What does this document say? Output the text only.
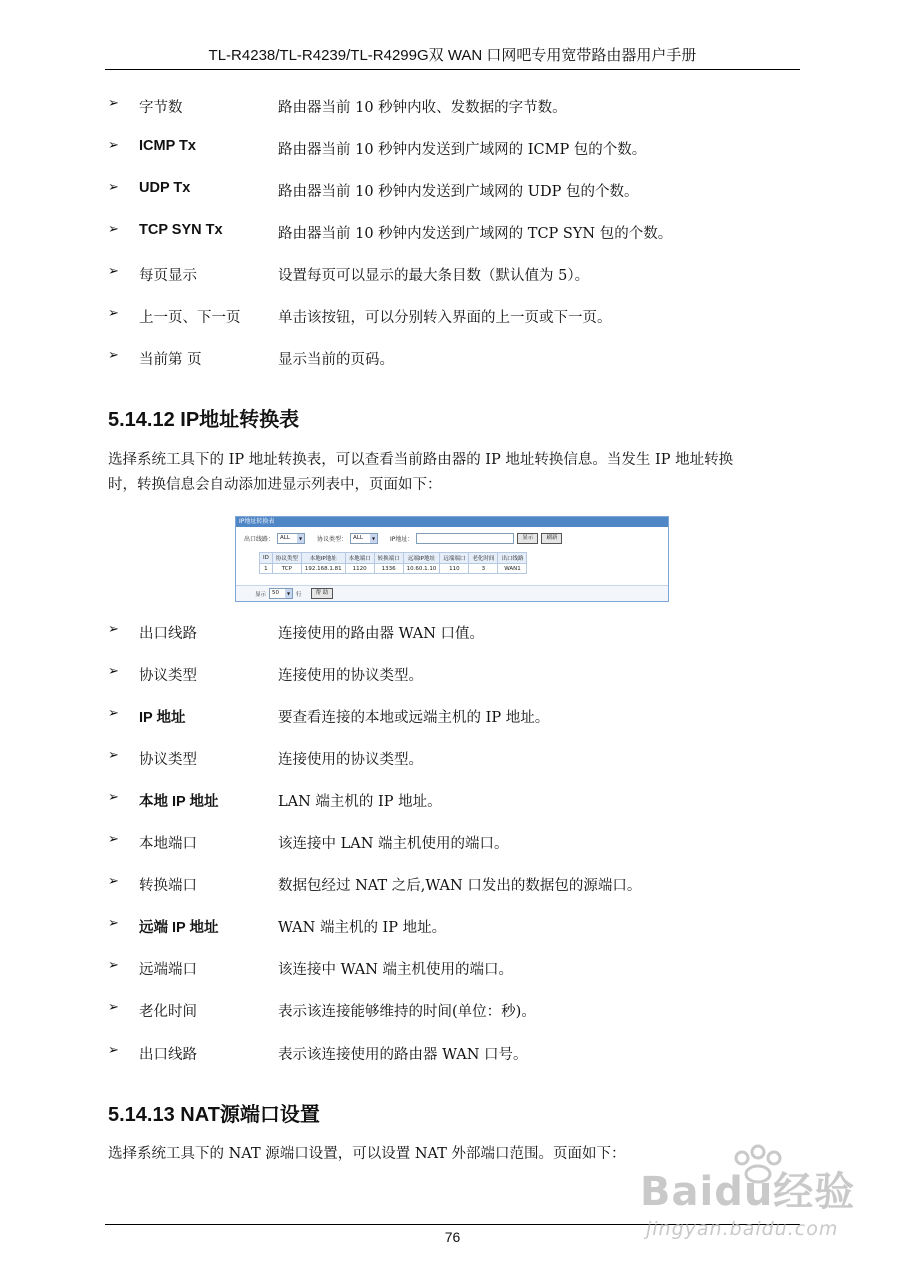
TL-R4238/TL-R4239/TL-R4299G双 WAN 口网吧专用宽带路由器用户手册
➢ 字节数	路由器当前 10 秒钟内收、发数据的字节数。
➢ ICMP Tx	路由器当前 10 秒钟内发送到广域网的 ICMP 包的个数。
➢ UDP Tx	路由器当前 10 秒钟内发送到广域网的 UDP 包的个数。
➢ TCP SYN Tx	路由器当前 10 秒钟内发送到广域网的 TCP SYN 包的个数。
➢ 每页显示	设置每页可以显示的最大条目数（默认值为 5）。
➢ 上一页、下一页	单击该按钮，可以分别转入界面的上一页或下一页。
➢ 当前第 页	显示当前的页码。
5.14.12 IP地址转换表
选择系统工具下的 IP 地址转换表，可以查看当前路由器的 IP 地址转换信息。当发生 IP 地址转换
时，转换信息会自动添加进显示列表中，页面如下：
IP地址转换表
出口线路：	ALL	▼	协议类型：	ALL	▼	IP地址：	显示	刷新
ID	协议类型	本地IP地址	本地端口	转换端口	远端IP地址	远端端口	老化时间	出口线路
1	TCP	192.168.1.81	1120	1336	10.60.1.10	110	3	WAN1
显示	50	▼	行	帮 助
➢ 出口线路	连接使用的路由器 WAN 口值。
➢ 协议类型	连接使用的协议类型。
➢ IP 地址	要查看连接的本地或远端主机的 IP 地址。
➢ 协议类型	连接使用的协议类型。
➢ 本地 IP 地址	LAN 端主机的 IP 地址。
➢ 本地端口	该连接中 LAN 端主机使用的端口。
➢ 转换端口	数据包经过 NAT 之后,WAN 口发出的数据包的源端口。
➢ 远端 IP 地址	WAN 端主机的 IP 地址。
➢ 远端端口	该连接中 WAN 端主机使用的端口。
➢ 老化时间	表示该连接能够维持的时间(单位：秒)。
➢ 出口线路	表示该连接使用的路由器 WAN 口号。
5.14.13 NAT源端口设置
选择系统工具下的 NAT 源端口设置，可以设置 NAT 外部端口范围。页面如下：
76
Baidu经验
jingyan.baidu.com
